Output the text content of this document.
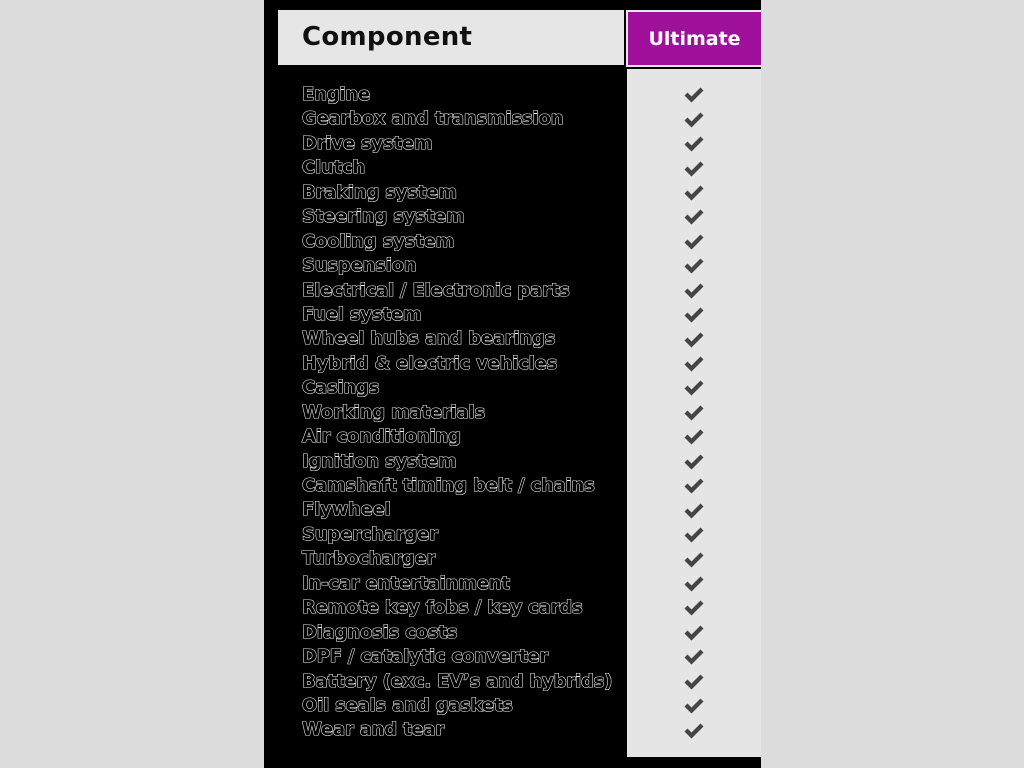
Component	Ultimate
Engine
Gearbox and transmission
Drive system
Clutch
Braking system
Steering system
Cooling system
Suspension
Electrical / Electronic parts
Fuel system
Wheel hubs and bearings
Hybrid & electric vehicles
Casings
Working materials
Air conditioning
Ignition system
Camshaft timing belt / chains
Flywheel
Supercharger
Turbocharger
In-car entertainment
Remote key fobs / key cards
Diagnosis costs
DPF / catalytic converter
Battery (exc. EV’s and hybrids)
Oil seals and gaskets
Wear and tear
